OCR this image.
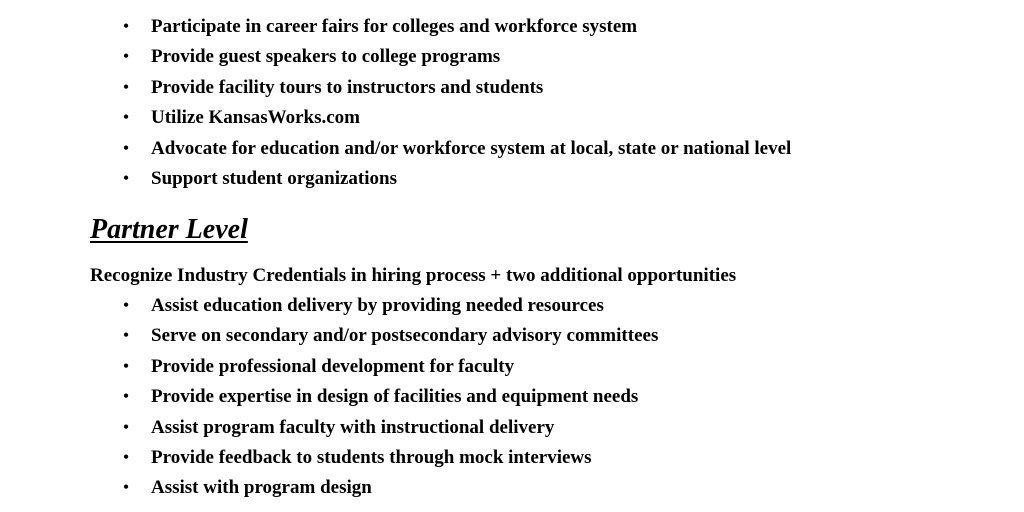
• Participate in career fairs for colleges and workforce system
• Provide guest speakers to college programs
• Provide facility tours to instructors and students
• Utilize KansasWorks.com
• Advocate for education and/or workforce system at local, state or national level
• Support student organizations
Partner Level
Recognize Industry Credentials in hiring process + two additional opportunities
• Assist education delivery by providing needed resources
• Serve on secondary and/or postsecondary advisory committees
• Provide professional development for faculty
• Provide expertise in design of facilities and equipment needs
• Assist program faculty with instructional delivery
• Provide feedback to students through mock interviews
• Assist with program design
